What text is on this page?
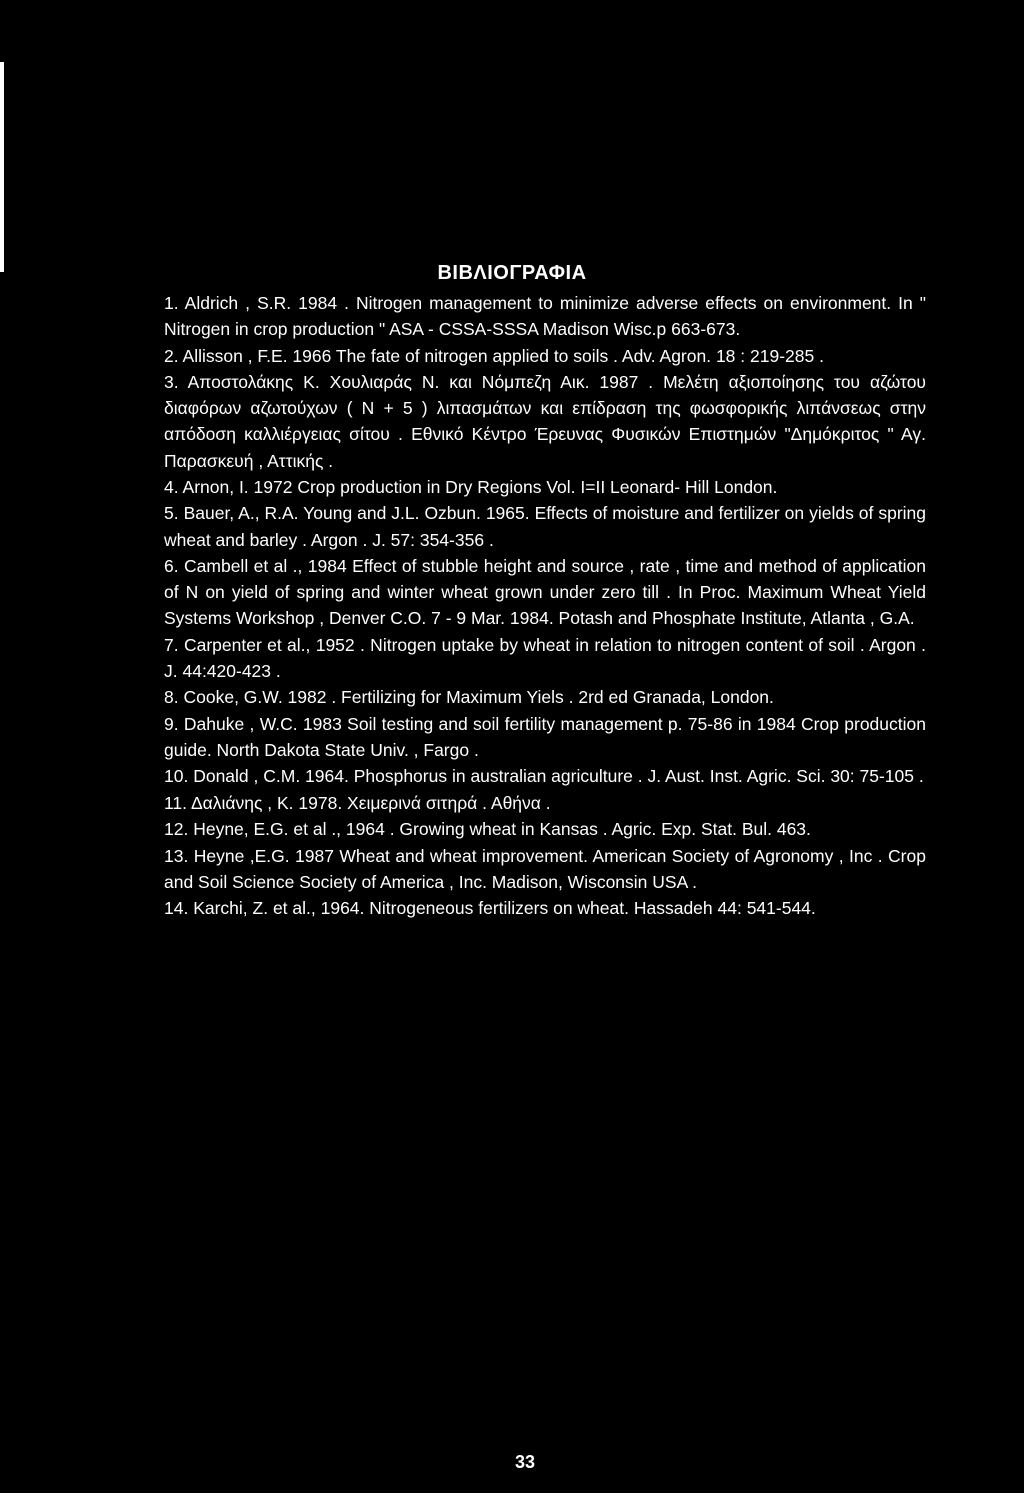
ΒΙΒΛΙΟΓΡΑΦΙΑ
1. Aldrich , S.R. 1984 . Nitrogen management to minimize adverse effects on environment. In " Nitrogen in crop production " ASA - CSSA-SSSA Madison Wisc.p 663-673.
2. Allisson , F.E. 1966 The fate of nitrogen applied to soils . Adv. Agron. 18 : 219-285 .
3. Αποστολάκης Κ. Χουλιαράς Ν. και Νόμπεζη Αικ. 1987 . Μελέτη αξιοποίησης του αζώτου διαφόρων αζωτούχων ( N + 5 ) λιπασμάτων και επίδραση της φωσφορικής λιπάνσεως στην απόδοση καλλιέργειας σίτου . Εθνικό Κέντρο Έρευνας Φυσικών Επιστημών "Δημόκριτος " Αγ. Παρασκευή , Αττικής .
4. Arnon, I. 1972 Crop production in Dry Regions Vol. I=II Leonard- Hill London.
5. Bauer, A., R.A. Young and J.L. Ozbun. 1965. Effects of moisture and fertilizer on yields of spring wheat and barley . Argon . J. 57: 354-356 .
6. Cambell et al ., 1984 Effect of stubble height and source , rate , time and method of application of N on yield of spring and winter wheat grown under zero till . In Proc. Maximum Wheat Yield Systems Workshop , Denver C.O. 7 - 9 Mar. 1984. Potash and Phosphate Institute, Atlanta , G.A.
7. Carpenter et al., 1952 . Nitrogen uptake by wheat in relation to nitrogen content of soil . Argon . J. 44:420-423 .
8. Cooke, G.W. 1982 . Fertilizing for Maximum Yiels . 2rd ed Granada, London.
9. Dahuke , W.C. 1983 Soil testing and soil fertility management p. 75-86 in 1984 Crop production guide. North Dakota State Univ. , Fargo .
10. Donald , C.M. 1964. Phosphorus in australian agriculture . J. Aust. Inst. Agric. Sci. 30: 75-105 .
11. Δαλιάνης , Κ. 1978. Χειμερινά σιτηρά . Αθήνα .
12. Heyne, E.G. et al ., 1964 . Growing wheat in Kansas . Agric. Exp. Stat. Bul. 463.
13. Heyne ,E.G. 1987 Wheat and wheat improvement. American Society of Agronomy , Inc . Crop and Soil Science Society of America , Inc. Madison, Wisconsin USA .
14. Karchi, Z. et al., 1964. Nitrogeneous fertilizers on wheat. Hassadeh 44: 541-544.
33
